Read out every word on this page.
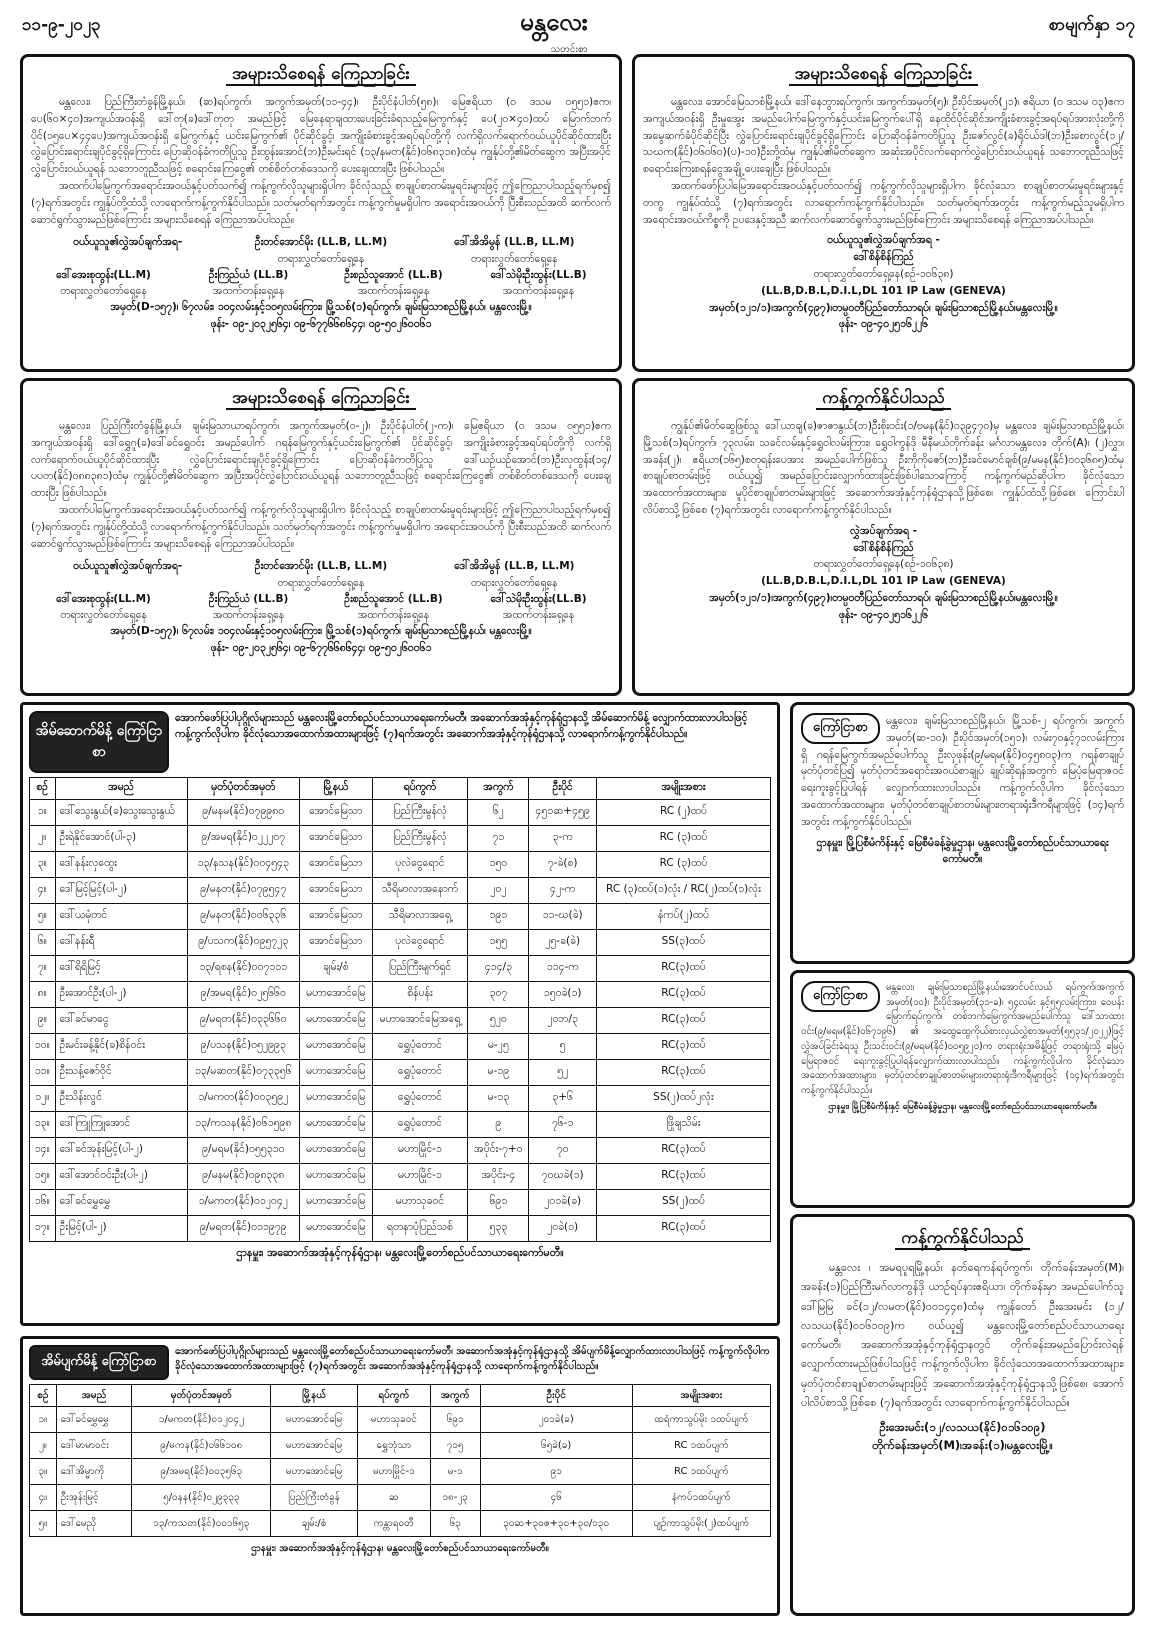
၁၁-၉-၂၀၂၃	မန္တလေး
သတင်းစာ
စာမျက်နှာ ၁၇
အများသိစေရန် ကြေညာခြင်း

မန္တလေး၊ ပြည်ကြီးတံခွန်မြို့နယ်၊ (ဆ)ရပ်ကွက်၊ အကွက်အမှတ်(၁၁-၄၄)၊ ဦးပိုင်နံပါတ်(၅၈)၊ မြေဧရိယာ (၀ ဒသမ ၀၅၅၁)ဧက၊ ပေ(၆၀×၄၀)အကျယ်အဝန်းရှိ ဒေါ်တု(ခ)ဒေါ်တုတု အမည်ဖြင့် မြေနေရာချထားပေးခြင်းခံရသည့်မြေကွက်နှင့် ပေ(၂၀×၄၀)ထပ် မြောက်ဘက်ပိုင်(၁၅ပေ×၄၄ပေ)အကျယ်အဝန်းရှိ မြေကွက်နှင့် ယင်းမြေကွက်၏ ပိုင်ဆိုင်ခွင့်၊ အကျိုးခံစားခွင့်အရပ်ရပ်တို့ကို လက်ရှိလက်ရောက်ဝယ်ယူပိုင်ဆိုင်ထားပြီး လွှဲပြောင်းရောင်းချပိုင်ခွင့်ရှိကြောင်း ပြောဆိုဝန်ခံကတိပြုသူ ဦးထွန်းအောင်(ဘ)ဦးမင်းရင် (၁၃/နမတ(နိုင်)၀၆၈၃၁၈)ထံမှ ကျွန်ုပ်တို့၏မိတ်ဆွေက အပြီးအပိုင်လွှဲပြောင်းဝယ်ယူရန် သဘောတူညီသဖြင့် စရောင်းကြေငွေ၏ တစ်စိတ်တစ်ဒေသကို ပေးချေထားပြီး ဖြစ်ပါသည်။

အထက်ပါမြေကွက်အရောင်းအဝယ်နှင့်ပတ်သက်၍ ကန့်ကွက်လိုသူများရှိပါက ခိုင်လုံသည့် စာချုပ်စာတမ်းမူရင်းများဖြင့် ဤကြေညာပါသည့်ရက်မှစ၍ (၇)ရက်အတွင်း ကျွန်ုပ်တို့ထံသို့ လာရောက်ကန့်ကွက်နိုင်ပါသည်။ သတ်မှတ်ရက်အတွင်း ကန့်ကွက်မှုမရှိပါက အရောင်းအဝယ်ကို ပြီးစီးသည်အထိ ဆက်လက်ဆောင်ရွက်သွားမည်ဖြစ်ကြောင်း အများသိစေရန် ကြေညာအပ်ပါသည်။

ဝယ်ယူသူ၏လွှဲအပ်ချက်အရ-	ဦးတင်အောင်မိုး (LL.B, LL.M)
တရားလွှတ်တော်ရှေ့နေ
ဒေါ်အိအိမွန် (LL.B, LL.M)
တရားလွှတ်တော်ရှေ့နေ
ဒေါ်အေးစုထွန်း(LL.M)
တရားလွှတ်တော်ရှေ့နေ
ဦးကြည်ယံ (LL.B)
အထက်တန်းရှေ့နေ
ဦးစည်သူအောင် (LL.B)
အထက်တန်းရှေ့နေ
ဒေါ်သဲမိုးဦးထွန်း(LL.B)
အထက်တန်းရှေ့နေ
အမှတ်(D-၁၅၇)၊ ၆၇လမ်း၊ ၁၀၄လမ်းနှင့်၁၀၅လမ်းကြား၊ မြို့သစ်(၁)ရပ်ကွက်၊ ချမ်းမြသာစည်မြို့နယ်၊ မန္တလေးမြို့။
ဖုန်း- ၀၉-၂၀၃၂၅၆၄၊ ၀၉-၆၇၇၆၆၈၆၄၄၊ ၀၉-၅၀၂၆၀၀၆၁
အများသိစေရန် ကြေညာခြင်း

မန္တလေး၊ အောင်မြေသာစံမြို့နယ်၊ ဒေါ်နေဘွားရပ်ကွက်၊ အကွက်အမှတ်(၅)၊ ဦးပိုင်အမှတ်(၂၁)၊ ဧရိယာ (၀ ဒသမ ၀၃)ဧကအကျယ်အဝန်းရှိ ဦးမှုအွေး အမည်ပေါက်မြေကွက်နှင့်ယင်းမြေကွက်ပေါ်ရှိ နေထိုင်ပိုင်ဆိုင်အကျိုးခံစားခွင့်အရပ်ရပ်အားလုံးတို့ကို အမွေဆက်ခံပိုင်ဆိုင်ပြီး လွှဲပြောင်းရောင်းချပိုင်ခွင့်ရှိကြောင်း ပြောဆိုဝန်ခံကတိပြုသူ ဦးဇော်လွင်(ခ)ရိုင်ယ်ဒါ(ဘ)ဦးစောလွင်(၁၂/သဃက(နိုင်)၀၆၀၆၀)(ပ)-၁၀)ဦးတို့ထံမှ ကျွန်ုပ်၏မိတ်ဆွေက အဆုံးအပိုင်လက်ရောက်လွှဲပြောင်းဝယ်ယူရန် သဘောတူညီသဖြင့် စရောင်းကြေးစရန်ငွေအချို့ ပေးချေပြီး ဖြစ်ပါသည်။

အထက်ဖော်ပြပါမြေအရောင်းအဝယ်နှင့်ပတ်သက်၍ ကန့်ကွက်လိုသူများရှိပါက ခိုင်လုံသော စာချုပ်စာတမ်းမူရင်းများနှင့်တကွ ကျွန်ုပ်ထံသို့ (၇)ရက်အတွင်း လာရောက်ကန့်ကွက်နိုင်ပါသည်။ သတ်မှတ်ရက်အတွင်း ကန့်ကွက်မည့်သူမရှိပါက အရောင်းအဝယ်ကိစ္စကို ဥပဒေနှင့်အညီ ဆက်လက်ဆောင်ရွက်သွားမည်ဖြစ်ကြောင်း အများသိစေရန် ကြေညာအပ်ပါသည်။

ဝယ်ယူသူ၏လွှဲအပ်ချက်အရ -
ဒေါ်စိန်စိန်ကြည်
တရားလွှတ်တော်ရှေ့နေ(စဉ်-၁၀၆၃၈)
(LL.B,D.B.L,D.I.L,DL 101 IP Law (GENEVA)
အမှတ်(၁၂၁/၁)၊အကွက်(၄၉၇)၊တမ္ပဝတီပြည်တော်သာရပ်၊ ချမ်းမြသာစည်မြို့နယ်၊မန္တလေးမြို့။
ဖုန်း- ၀၉-၄၀၂၅၁၆၂၂၆
အများသိစေရန် ကြေညာခြင်း

မန္တလေး၊ ပြည်ကြီးတံခွန်မြို့နယ်၊ ချမ်းမြသာယာရပ်ကွက်၊ အကွက်အမှတ်(၀-၂)၊ ဦးပိုင်နံပါတ်(၂-က)၊ မြေဧရိယာ (၀ ဒသမ ၀၅၅၁)ဧက အကျယ်အဝန်းရှိ ဒေါ်ရွှေဂူ(ခ)ဒေါ်ခင်ရွှေဝင်း အမည်ပေါက် ဂရန်မြေကွက်နှင့်ယင်းမြေကွက်၏ ပိုင်ဆိုင်ခွင့်၊ အကျိုးခံစားခွင့်အရပ်ရပ်တို့ကို လက်ရှိလက်ရောက်ဝယ်ယူပိုင်ဆိုင်ထားပြီး လွှဲပြောင်းရောင်းချပိုင်ခွင့်ရှိကြောင်း ပြောဆိုဝန်ခံကတိပြုသူ ဒေါ်ယဉ်ယဉ်အောင်(ဘ)ဦးလှထွန်း(၁၄/ပပတ(နိုင်)၀၈၈၃၈၁)ထံမှ ကျွန်ုပ်တို့၏မိတ်ဆွေက အပြီးအပိုင်လွှဲပြောင်းဝယ်ယူရန် သဘောတူညီသဖြင့် စရောင်းကြေငွေ၏ တစ်စိတ်တစ်ဒေသကို ပေးချေထားပြီး ဖြစ်ပါသည်။

အထက်ပါမြေကွက်အရောင်းအဝယ်နှင့်ပတ်သက်၍ ကန့်ကွက်လိုသူများရှိပါက ခိုင်လုံသည့် စာချုပ်စာတမ်းမူရင်းများဖြင့် ဤကြေညာပါသည့်ရက်မှစ၍ (၇)ရက်အတွင်း ကျွန်ုပ်တို့ထံသို့ လာရောက်ကန့်ကွက်နိုင်ပါသည်။ သတ်မှတ်ရက်အတွင်း ကန့်ကွက်မှုမရှိပါက အရောင်းအဝယ်ကို ပြီးစီးသည်အထိ ဆက်လက်ဆောင်ရွက်သွားမည်ဖြစ်ကြောင်း အများသိစေရန် ကြေညာအပ်ပါသည်။

ဝယ်ယူသူ၏လွှဲအပ်ချက်အရ-	ဦးတင်အောင်မိုး (LL.B, LL.M)
တရားလွှတ်တော်ရှေ့နေ
ဒေါ်အိအိမွန် (LL.B, LL.M)
တရားလွှတ်တော်ရှေ့နေ
ဒေါ်အေးစုထွန်း(LL.M)
တရားလွှတ်တော်ရှေ့နေ
ဦးကြည်ယံ (LL.B)
အထက်တန်းရှေ့နေ
ဦးစည်သူအောင် (LL.B)
အထက်တန်းရှေ့နေ
ဒေါ်သဲမိုးဦးထွန်း(LL.B)
အထက်တန်းရှေ့နေ
အမှတ်(D-၁၅၇)၊ ၆၇လမ်း၊ ၁၀၄လမ်းနှင့်၁၀၅လမ်းကြား၊ မြို့သစ်(၁)ရပ်ကွက်၊ ချမ်းမြသာစည်မြို့နယ်၊ မန္တလေးမြို့။
ဖုန်း- ၀၉-၂၀၃၂၅၆၄၊ ၀၉-၆၇၇၆၆၈၆၄၄၊ ၀၉-၅၀၂၆၀၀၆၁
ကန့်ကွက်နိုင်ပါသည်

ကျွန်ုပ်၏မိတ်ဆွေဖြစ်သူ ဒေါ်ယာချ(ခ)ဇာဇာနွယ်(ဘ)ဦးစိုးဝင်း(၁/ဗမန(နိုင်)၀၃၉၄၇၀)မှ မန္တလေး၊ ချမ်းမြသာစည်မြို့နယ်၊ မြို့သစ်(၁)ရပ်ကွက်၊ ၇၃လမ်း၊ သခင်လမ်းနှင့်ရွှေဝါလမ်းကြား၊ ရွှေဝါကွန်ဒို မီနီမယ်တိုက်ခန်း မင်္ဂလာမန္တလေး၊ တိုက်(A)၊ (၂)လွှာ၊ အခန်း(၂)၊ ဧရိယာ(၁၆၅)စတုရန်းပေအား အမည်ပေါက်ဖြစ်သူ ဦးကိုကိုဇော်(ဘ)ဦးခင်မောင်ချစ်(၉/မမန(နိုင်)၀၀၃၆၈၅)ထံမှ စာချုပ်စာတမ်းဖြင့် ဝယ်ယူ၍ အမည်ပြောင်းလျှောက်ထားခြင်းဖြစ်ပါသောကြောင့် ကန့်ကွက်မည်ဆိုပါက ခိုင်လုံသောအထောက်အထားများ၊ မူပိုင်စာချုပ်စာတမ်းများဖြင့် အဆောက်အအုံနှင့်ကုန်ရုံဌာနသို့ဖြစ်စေ၊ ကျွန်ုပ်ထံသို့ဖြစ်စေ၊ ကြောင်းပါလိပ်စာသို့ဖြစ်စေ (၇)ရက်အတွင်း လာရောက်ကန့်ကွက်နိုင်ပါသည်။

လွှဲအပ်ချက်အရ -
ဒေါ်စိန်စိန်ကြည်
တရားလွှတ်တော်ရှေ့နေ(စဉ်-၁၀၆၃၈)
(LL.B,D.B.L,D.I.L,DL 101 IP Law (GENEVA)
အမှတ်(၁၂၁/၁)၊အကွက်(၄၉၇)၊တမ္ပဝတီပြည်တော်သာရပ်၊ ချမ်းမြသာစည်မြို့နယ်၊မန္တလေးမြို့။
ဖုန်း- ၀၉-၄၀၂၅၁၆၂၂၆
အိမ်ဆောက်မိန့် ကြော်ငြာစာ
အောက်ဖော်ပြပါပုဂ္ဂိုလ်များသည် မန္တလေးမြို့တော်စည်ပင်သာယာရေးကော်မတီ၊ အဆောက်အအုံနှင့်ကုန်ရုံဌာနသို့ အိမ်ဆောက်မိန့် လျှောက်ထားလာပါသဖြင့် ကန့်ကွက်လိုပါက ခိုင်လုံသောအထောက်အထားများဖြင့် (၇)ရက်အတွင်း အဆောက်အအုံနှင့်ကုန်ရုံဌာနသို့ လာရောက်ကန့်ကွက်နိုင်ပါသည်။
စဉ်	အမည်	မှတ်ပုံတင်အမှတ်	မြို့နယ်	ရပ်ကွက်	အကွက်	ဦးပိုင်	အမျိုးအစား
၁။	ဒေါ်သွေးနွယ်(ခ)သွေးသွေးနွယ်	၉/မနမ(နိုင်)၀၇၉၉၈၀	အောင်မြေသာ	ပြည်ကြီးမွန်လုံ	၆၂	၄၅၁ဆ+၄၅၉	RC (၂)ထပ်
၂။	ဦးရဲနိုင်အောင်(ပါ-၃)	၉/အမရ(နိုင်)၀၂၂၂၀၇	အောင်မြေသာ	ပြည်ကြီးမွန်လုံ	၇၁	၃-က	RC (၃)ထပ်
၃။	ဒေါ်နန်းလှထွေး	၁၃/နသန(နိုင်)၀၀၄၅၄၃	အောင်မြေသာ	ပုလဲငွေရောင်	၁၅၀	၇-ခဲ(စ)	RC (၃)ထပ်
၄။	ဒေါ်မြင့်မြင့်(ပါ-၂)	၉/မနတ(နိုင်)၀၇၉၅၄၇	အောင်မြေသာ	သီရိမာလာအနောက်	၂၀၂	၄၂-က	RC (၃)ထပ်(၁)လုံး / RC(၂)ထပ်(၁)လုံး
၅။	ဒေါ်ယမုံတင်	၉/မနတ(နိုင်)၀၀၆၃၃၆	အောင်မြေသာ	သီရိမာလာအရှေ့	၁၉၁	၁၁-ဃ(ခဲ)	နံကပ်(၂)ထပ်
၆။	ဒေါ်နန်းရီ	၉/ပသက(နိုင်)၀၉၅၇၂၃	အောင်မြေသာ	ပုလဲငွေရောင်	၁၅၅	၂၅-ခ(ခဲ)	SS(၃)ထပ်
၇။	ဒေါ်ရိရိမြင့်	၁၃/ရစန(နိုင်)၀၀၇၁၁၁	ချမ်း/စံ	ပြည်ကြီးမျက်ရှင်	၄၁၄/၃	၁၁၄-က	RC(၃)ထပ်
၈။	ဦးအောင်ဦး(ပါ-၂)	၉/အမရ(နိုင်)၀၂၅၆၆၀	မဟာအောင်မြေ	စိန်ပန်း	၃၀၇	၁၅၀ခဲ(၁)	RC(၃)ထပ်
၉။	ဒေါ်ခင်မာငွေ	၉/မရတ(နိုင်)၀၃၃၆၆၀	မဟာအောင်မြေ	မဟာအောင်မြေအရှေ့	၅၂၀	၂၀ဘ/၃	RC(၃)ထပ်
၁၀။	ဦးမင်းခန့်နိုင်(ခ)စိန်ဝင်း	၉/ပသန(နိုင်)၀၅၂၉၉၃	မဟာအောင်မြေ	ရွှေပုံတောင်	မ-၂၅	၅	RC(၃)ထပ်
၁၁။	ဦးသန့်ဇော်ဝိုင်	၁၃/မဆတ(နိုင်)၀၇၃၃၅၆	မဟာအောင်မြေ	ရွှေပုံတောင်	မ-၁၉	၅၂	RC(၃)ထပ်
၁၂။	ဦးသိန်းလွင်	၁/မကတ(နိုင်)၀၀၃၅၉၂	မဟာအောင်မြေ	ရွှေပုံတောင်	မ-၁၃	၃+၆	SS(၂)ထပ်၂လုံး
၁၃။	ဒေါ်ကြူကြူအောင်	၁၃/ကသန(နိုင်)၀၆၁၅၉၈	မဟာအောင်မြေ	ရွှေပုံတောင်	၉	၇၆-၁	ဖြိုချသိမ်း
၁၄။	ဒေါ်ခင်အုန်းမြင့်(ပါ-၂)	၉/မရမ(နိုင်)၀၅၅၃၁၀	မဟာအောင်မြေ	မဟာမြိုင်-၁	အပိုင်း-၇+၀	၇၀	RC(၃)ထပ်
၁၅။	ဒေါ်အောင်ဝင်းဦး(ပါ-၂)	၉/မနမ(နိုင်)၀၉၈၃၃၈	မဟာအောင်မြေ	မဟာမြိုင်-၁	အပိုင်း-၄	၇၀ဃခဲ(၁)	RC(၃)ထပ်
၁၆။	ဒေါ်ခင်မွှေမွှေ	၁/မကတ(နိုင်)၀၁၂၀၄၂	မဟာအောင်မြေ	မဟာသုခဝင်	၆၉၁	၂၀၁ခဲ(ခ)	SS(၂)ထပ်
၁၇။	ဦးမြင့်(ပါ-၂)	၉/မရတ(နိုင်)၀၁၁၉၇၉	မဟာအောင်မြေ	ရတနာပုံပြည်သစ်	၅၃၃	၂၀ခဲ(၁)	RC(၃)ထပ်
ဌာနမှူး၊ အဆောက်အအုံနှင့်ကုန်ရုံဌာန၊ မန္တလေးမြို့တော်စည်ပင်သာယာရေးကော်မတီ။
အိမ်ပျက်မိန့် ကြော်ငြာစာ
အောက်ဖော်ပြပါပုဂ္ဂိုလ်များသည် မန္တလေးမြို့တော်စည်ပင်သာယာရေးကော်မတီ၊ အဆောက်အအုံနှင့်ကုန်ရုံဌာနသို့ အိမ်ပျက်မိန့်လျှောက်ထားလာပါသဖြင့် ကန့်ကွက်လိုပါက ခိုင်လုံသောအထောက်အထားများဖြင့် (၇)ရက်အတွင်း အဆောက်အအုံနှင့်ကုန်ရုံဌာနသို့ လာရောက်ကန့်ကွက်နိုင်ပါသည်။
စဉ်	အမည်	မှတ်ပုံတင်အမှတ်	မြို့နယ်	ရပ်ကွက်	အကွက်	ဦးပိုင်	အမျိုးအစား
၁။	ဒေါ်ခင်မွှေမွှေ	၁/မကတ(နိုင်)၀၁၂၀၄၂	မဟာအောင်မြေ	မဟာသုခဝင်	၆၉၁	၂၀၁ခဲ(ခ)	ထရံကာသွပ်မိုး ၁ထပ်ပျက်
၂။	ဒေါ်မာမာဝင်း	၉/မကန(နိုင်)၀၆၆၁၀၈	မဟာအောင်မြေ	ရွှေဘုံသာ	၇၁၅	၆၅ခဲ(ခ)	RC ၁ထပ်ပျက်
၃။	ဒေါ်အိမ္မာကို	၉/အမရ(နိုင်)၀၀၃၅၆၃	မဟာအောင်မြေ	မဟာမြိုင်-၁	မ-၁	၉၁	RC ၁ထပ်ပျက်
၄။	ဦးအုန်းမြင့်	၅/ဝနန(နိုင်)၀၂၉၃၃၃	ပြည်ကြီးတံခွန်	ဆ	၁၈-၂၃	၄၆	နံကပ်၁ထပ်ပျက်
၅။	ဒေါ်မေညို	၁၃/ကသတ(နိုင်)၀၀၁၆၅၃	ချမ်း/စံ	ကန္တာရဝတီ	၆၃	၃၀ဆ+၃၀ဇ+၃၀+၃၀/၁၃၀	ပျဉ်ကာသွပ်မိုး(၂)ထပ်ပျက်
ဌာနမှူး၊ အဆောက်အအုံနှင့်ကုန်ရုံဌာန၊ မန္တလေးမြို့တော်စည်ပင်သာယာရေးကော်မတီ။
ကြော်ငြာစာ	မန္တလေး၊ ချမ်းမြသာစည်မြို့နယ်၊ မြို့သစ်-၂ ရပ်ကွက်၊ အကွက်အမှတ်(ဆ-၁၀)၊ ဦးပိုင်အမှတ်(၁၅၁)၊ လမ်း၇၀နှင့်၇၁လမ်းကြားရှိ ဂရန်မြေကွက်အမည်ပေါက်သူ ဦးလှဖုန်း(၉/မရမ(နိုင်)၀၄၅၈၀၃)က ဂရန်စာချုပ်မှတ်ပုံတင်ပြ၍ မှတ်ပုံတင်အရောင်းအဝယ်စာချုပ် ချုပ်ဆိုရန်အတွက် မြေပုံမြေရာဇဝင်ရေးကူးခွင့်ပြုပါရန် လျှောက်ထားလာပါသည်။ ကန့်ကွက်လိုပါက ခိုင်လုံသောအထောက်အထားများ၊ မှတ်ပုံတင်စာချုပ်စာတမ်းများ၊တရားရုံးဒီကရီများဖြင့် (၁၄)ရက်အတွင်း ကန့်ကွက်နိုင်ပါသည်။
ဌာနမှူး၊ မြို့ပြစီမံကိန်းနှင့် မြေစီမံခန့်ခွဲမှုဌာန၊ မန္တလေးမြို့တော်စည်ပင်သာယာရေးကော်မတီ။
ကြော်ငြာစာ
မန္တလေး၊ ချမ်းမြသာစည်မြို့နယ်၊အောင်ပင်လယ် ရပ်ကွက်၊အကွက်အမှတ်(၁၀)၊ ဦးပိုင်အမှတ်(၃၁-ခ)၊ ၅၄လမ်း နှင့်၅၅လမ်းကြား၊ ဝေပန်းမြောက်ရပ်ကွက်၊ တစ်ဘက်မြေကွက်အမည်ပေါက်သူ ဒေါ်သာထားဝင်း(၉/မရမ(နိုင်)၀၆၇၁၉၆) ၏ အထွေထွေကိုယ်စားလှယ်လွှဲစာအမှတ်(၅၅၃၁/၂၀၂၂)ဖြင့် လွှဲအပ်ခြင်းခံရသူ ဦးသင်းဝင်း(၉/မရမ(နိုင်)၀၀၅၉၂၀)က တရားရုံးအမိန့်ဖြင့် တရားရုံးသို့ မြေပုံမြေရာဇဝင် ရေးကူးခွင့်ပြုပါရန်လျှောက်ထားလာပါသည်။ ကန့်ကွက်လိုပါက ခိုင်လုံသောအထောက်အထားများ၊ မှတ်ပုံတင်စာချုပ်စာတမ်းများ၊တရားရုံးဒီကရီများဖြင့် (၁၄)ရက်အတွင်း ကန့်ကွက်နိုင်ပါသည်။
ဌာနမှူး၊ မြို့ပြစီမံကိန်းနှင့် မြေစီမံခန့်ခွဲမှုဌာန၊ မန္တလေးမြို့တော်စည်ပင်သာယာရေးကော်မတီ။
ကန့်ကွက်နိုင်ပါသည်

မန္တလေး ၊ အမရပူရမြို့နယ်၊ နတ်ရေကန်ရပ်ကွက်၊ တိုက်ခန်းအမှတ်(M)၊ အခန်း(၁)ပြည်ကြီးမဂ်လာကွန်ဒို ယာဉ်ရပ်နားဧရိယာ၊ တိုက်ခန်းမှာ အမည်ပေါက်သူ ဒေါ်မြမြ ခင်(၁၂/လမတ(နိုင်)၀၀၁၄၄၈)ထံမှ ကျွန်တော် ဦးအေးမင်း (၁၂/လသယ(နိုင်)၀၁၆၁၀၉)က ဝယ်ယူ၍ မန္တလေးမြို့တော်စည်ပင်သာယာရေးကော်မတီ၊ အဆောက်အအုံနှင့်ကုန်ရုံဌာနတွင် တိုက်ခန်းအမည်ပြောင်းလဲရန်လျှောက်ထားမည်ဖြစ်ပါသဖြင့် ကန့်ကွက်လိုပါက ခိုင်လုံသောအထောက်အထားများ၊ မှတ်ပုံတင်စာချုပ်စာတမ်းများဖြင့် အဆောက်အအုံနှင့်ကုန်ရုံဌာနသို့ဖြစ်စေ၊ အောက်ပါလိပ်စာသို့ဖြစ်စေ (၇)ရက်အတွင်း လာရောက်ကန့်ကွက်နိုင်ပါသည်။

ဦးအေးမင်း(၁၂/လသယ(နိုင်)၀၁၆၁၀၉)
တိုက်ခန်းအမှတ်(M)၊အခန်း(၁)၊မန္တလေးမြို့။
